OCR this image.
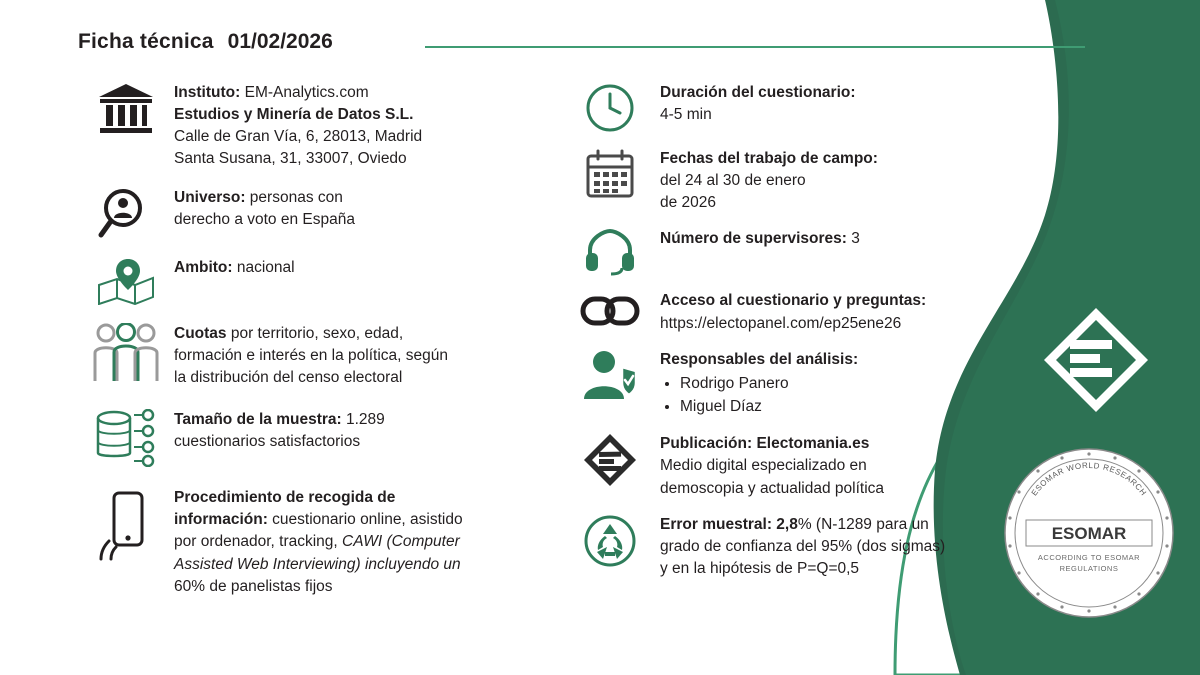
Ficha técnica 01/02/2026
Instituto: EM-Analytics.com
Estudios y Minería de Datos S.L.
Calle de Gran Vía, 6, 28013, Madrid
Santa Susana, 31, 33007, Oviedo
Universo: personas con
derecho a voto en España
Ambito: nacional
Cuotas por territorio, sexo, edad,
formación e interés en la política, según
la distribución del censo electoral
Tamaño de la muestra: 1.289
cuestionarios satisfactorios
Procedimiento de recogida de
información: cuestionario online, asistido
por ordenador, tracking, CAWI (Computer
Assisted Web Interviewing) incluyendo un
60% de panelistas fijos
Duración del cuestionario:
4-5 min
Fechas del trabajo de campo:
del 24 al 30 de enero
de 2026
Número de supervisores: 3
Acceso al cuestionario y preguntas:
https://electopanel.com/ep25ene26
Responsables del análisis:
• Rodrigo Panero
• Miguel Díaz
Publicación: Electomania.es
Medio digital especializado en
demoscopia y actualidad política
Error muestral: 2,8% (N-1289 para un
grado de confianza del 95% (dos sigmas)
y en la hipótesis de P=Q=0,5
ESOMAR WORLD RESEARCH
ESOMAR
ACCORDING TO ESOMAR
REGULATIONS
